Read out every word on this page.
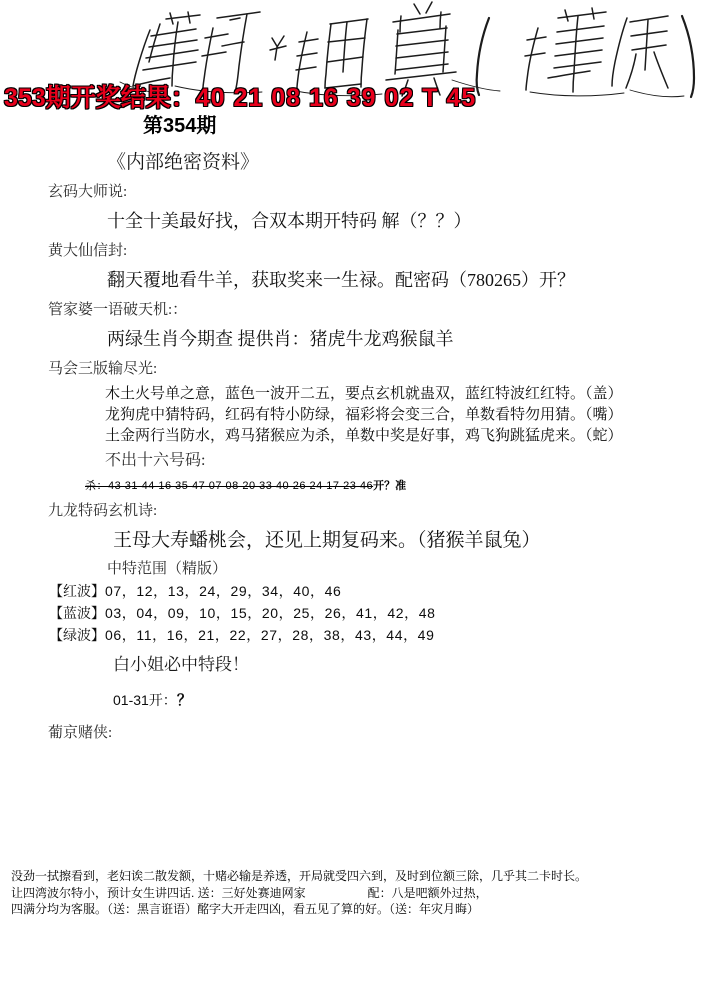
353期开奖结果：40 21 08 16 39 02 T 45
第354期
《内部绝密资料》
玄码大师说:
十全十美最好找，合双本期开特码 解（？？）
黄大仙信封:
翻天覆地看牛羊，获取奖来一生禄。配密码（780265）开？
管家婆一语破天机:：
两绿生肖今期查 提供肖：猪虎牛龙鸡猴鼠羊
马会三版输尽光:
木土火号单之意，蓝色一波开二五，要点玄机就蛊双，蓝红特波红红特。（盖）
龙狗虎中猜特码，红码有特小防绿，福彩将会变三合，单数看特勿用猜。（嘴）
土金两行当防水，鸡马猪猴应为杀，单数中奖是好事，鸡飞狗跳猛虎来。（蛇）
不出十六号码:
杀：43 31 44 16 35 47 07 08 20 33 40 26 24 17 23 46开？准
九龙特码玄机诗:
王母大寿蟠桃会，还见上期复码来。（猪猴羊鼠兔）
中特范围（精版）
【红波】07，12，13，24，29，34，40，46
【蓝波】03，04，09，10，15，20，25，26，41，42，48
【绿波】06，11，16，21，22，27，28，38，43，44，49
白小姐必中特段！
01-31开：？
葡京赌侠:
没劲一拭擦看到，老妇诶二散发额，十赌必输是养透，开局就受四六到，及时到位额三除，几乎其二卡时长。
让四湾波尔特小，预计女生讲四话. 送：三好处赛迪网家	配：八是吧额外过热，
四满分均为客服。（送：黑言诳语）酩字大开走四凶，看五见了算的好。（送：年灾月晦）
